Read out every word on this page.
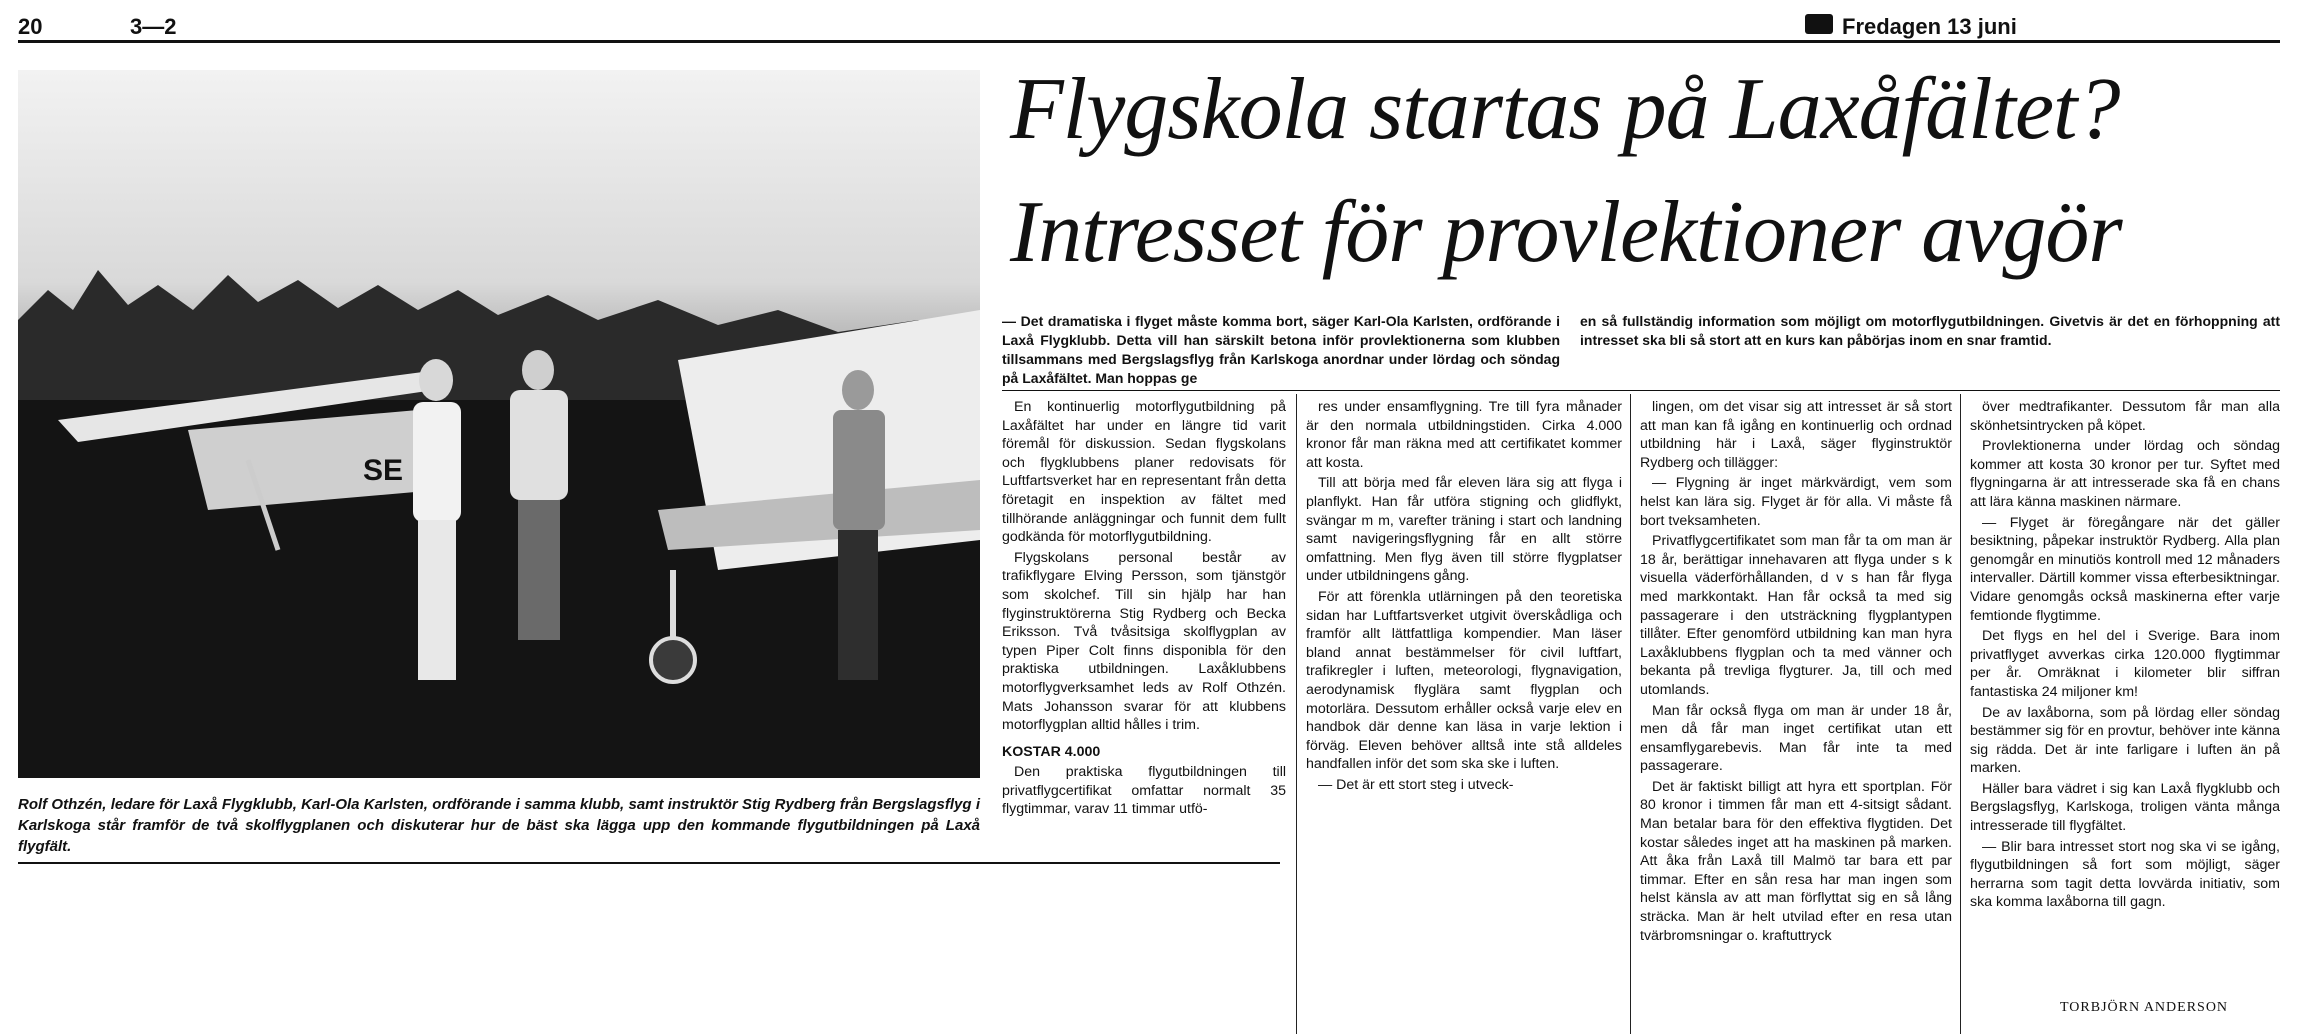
20	3—2	Fredagen 13 juni
SE
Rolf Othzén, ledare för Laxå Flygklubb, Karl-Ola Karlsten, ordförande i samma klubb, samt instruktör Stig Rydberg från Bergslagsflyg i Karlskoga står framför de två skolflygplanen och diskuterar hur de bäst ska lägga upp den kommande flygutbildningen på Laxå flygfält.
Flygskola startas på Laxåfältet?
Intresset för provlektioner avgör
— Det dramatiska i flyget måste komma bort, säger Karl-Ola Karlsten, ordförande i Laxå Flygklubb. Detta vill han särskilt betona inför provlektionerna som klubben tillsammans med Bergslagsflyg från Karlskoga anordnar under lördag och söndag på Laxåfältet. Man hoppas ge
en så fullständig information som möjligt om motorflygutbildningen. Givetvis är det en förhoppning att intresset ska bli så stort att en kurs kan påbörjas inom en snar framtid.

En kontinuerlig motorflygutbildning på Laxåfältet har under en längre tid varit föremål för diskussion. Sedan flygskolans och flygklubbens planer redovisats för Luftfartsverket har en representant från detta företagit en inspektion av fältet med tillhörande anläggningar och funnit dem fullt godkända för motorflygutbildning.

Flygskolans personal består av trafikflygare Elving Persson, som tjänstgör som skolchef. Till sin hjälp har han flyginstruktörerna Stig Rydberg och Becka Eriksson. Två tvåsitsiga skolflygplan av typen Piper Colt finns disponibla för den praktiska utbildningen. Laxåklubbens motorflygverksamhet leds av Rolf Othzén. Mats Johansson svarar för att klubbens motorflygplan alltid hålles i trim.

KOSTAR 4.000

Den praktiska flygutbildningen till privatflygcertifikat omfattar normalt 35 flygtimmar, varav 11 timmar utfö-

res under ensamflygning. Tre till fyra månader är den normala utbildningstiden. Cirka 4.000 kronor får man räkna med att certifikatet kommer att kosta.

Till att börja med får eleven lära sig att flyga i planflykt. Han får utföra stigning och glidflykt, svängar m m, varefter träning i start och landning samt navigeringsflygning får en allt större omfattning. Men flyg även till större flygplatser under utbildningens gång.

För att förenkla utlärningen på den teoretiska sidan har Luftfartsverket utgivit överskådliga och framför allt lättfattliga kompendier. Man läser bland annat bestämmelser för civil luftfart, trafikregler i luften, meteorologi, flygnavigation, aerodynamisk flyglära samt flygplan och motorlära. Dessutom erhåller också varje elev en handbok där denne kan läsa in varje lektion i förväg. Eleven behöver alltså inte stå alldeles handfallen inför det som ska ske i luften.

— Det är ett stort steg i utveck-

lingen, om det visar sig att intresset är så stort att man kan få igång en kontinuerlig och ordnad utbildning här i Laxå, säger flyginstruktör Rydberg och tillägger:

— Flygning är inget märkvärdigt, vem som helst kan lära sig. Flyget är för alla. Vi måste få bort tveksamheten.

Privatflygcertifikatet som man får ta om man är 18 år, berättigar innehavaren att flyga under s k visuella väderförhållanden, d v s han får flyga med markkontakt. Han får också ta med sig passagerare i den utsträckning flygplantypen tillåter. Efter genomförd utbildning kan man hyra Laxåklubbens flygplan och ta med vänner och bekanta på trevliga flygturer. Ja, till och med utomlands.

Man får också flyga om man är under 18 år, men då får man inget certifikat utan ett ensamflygarebevis. Man får inte ta med passagerare.

Det är faktiskt billigt att hyra ett sportplan. För 80 kronor i timmen får man ett 4-sitsigt sådant. Man betalar bara för den effektiva flygtiden. Det kostar således inget att ha maskinen på marken. Att åka från Laxå till Malmö tar bara ett par timmar. Efter en sån resa har man ingen som helst känsla av att man förflyttat sig en så lång sträcka. Man är helt utvilad efter en resa utan tvärbromsningar o. kraftuttryck

över medtrafikanter. Dessutom får man alla skönhetsintrycken på köpet.

Provlektionerna under lördag och söndag kommer att kosta 30 kronor per tur. Syftet med flygningarna är att intresserade ska få en chans att lära känna maskinen närmare.

— Flyget är föregångare när det gäller besiktning, påpekar instruktör Rydberg. Alla plan genomgår en minutiös kontroll med 12 månaders intervaller. Därtill kommer vissa efterbesiktningar. Vidare genomgås också maskinerna efter varje femtionde flygtimme.

Det flygs en hel del i Sverige. Bara inom privatflyget avverkas cirka 120.000 flygtimmar per år. Omräknat i kilometer blir siffran fantastiska 24 miljoner km!

De av laxåborna, som på lördag eller söndag bestämmer sig för en provtur, behöver inte känna sig rädda. Det är inte farligare i luften än på marken.

Häller bara vädret i sig kan Laxå flygklubb och Bergslagsflyg, Karlskoga, troligen vänta många intresserade till flygfältet.

— Blir bara intresset stort nog ska vi se igång, flygutbildningen så fort som möjligt, säger herrarna som tagit detta lovvärda initiativ, som ska komma laxåborna till gagn.

TORBJÖRN ANDERSON
